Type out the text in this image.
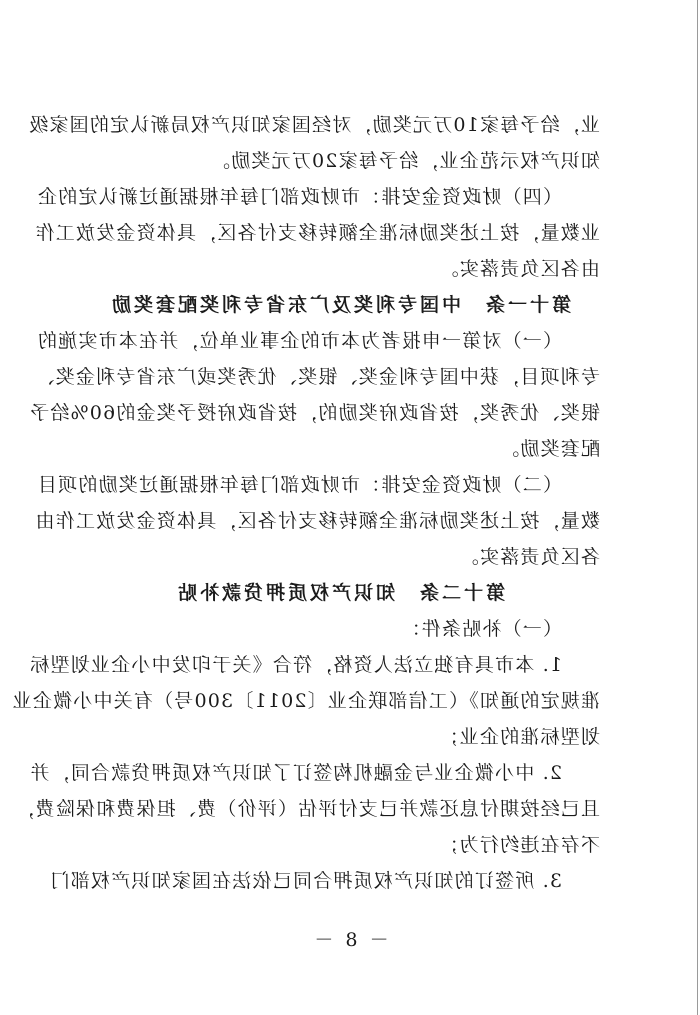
业，给予每家10万元奖励，对经国家知识产权局新认定的国家级
知识产权示范企业，给予每家20万元奖励。
（四）财政资金安排：市财政部门每年根据通过新认定的企
业数量，按上述奖励标准全额转移支付各区，具体资金发放工作
由各区负责落实。
第十一条　中国专利奖及广东省专利奖配套奖励
（一）对第一申报者为本市的企事业单位，并在本市实施的
专利项目，获中国专利金奖、银奖、优秀奖或广东省专利金奖、
银奖、优秀奖，按省政府奖励的，按省政府授予奖金的60%给予
配套奖励。
（二）财政资金安排：市财政部门每年根据通过奖励的项目
数量，按上述奖励标准全额转移支付各区，具体资金发放工作由
各区负责落实。
第十二条　知识产权质押贷款补贴
（一）补贴条件：
1. 本市具有独立法人资格，符合《关于印发中小企业划型标
准规定的通知》（工信部联企业〔2011〕300号）有关中小微企业
划型标准的企业；
2. 中小微企业与金融机构签订了知识产权质押贷款合同，并
且已经按期付息还款并已支付评估（评价）费、担保费和保险费，
不存在违约行为；
3. 所签订的知识产权质押合同已依法在国家知识产权部门
－ 8 －
